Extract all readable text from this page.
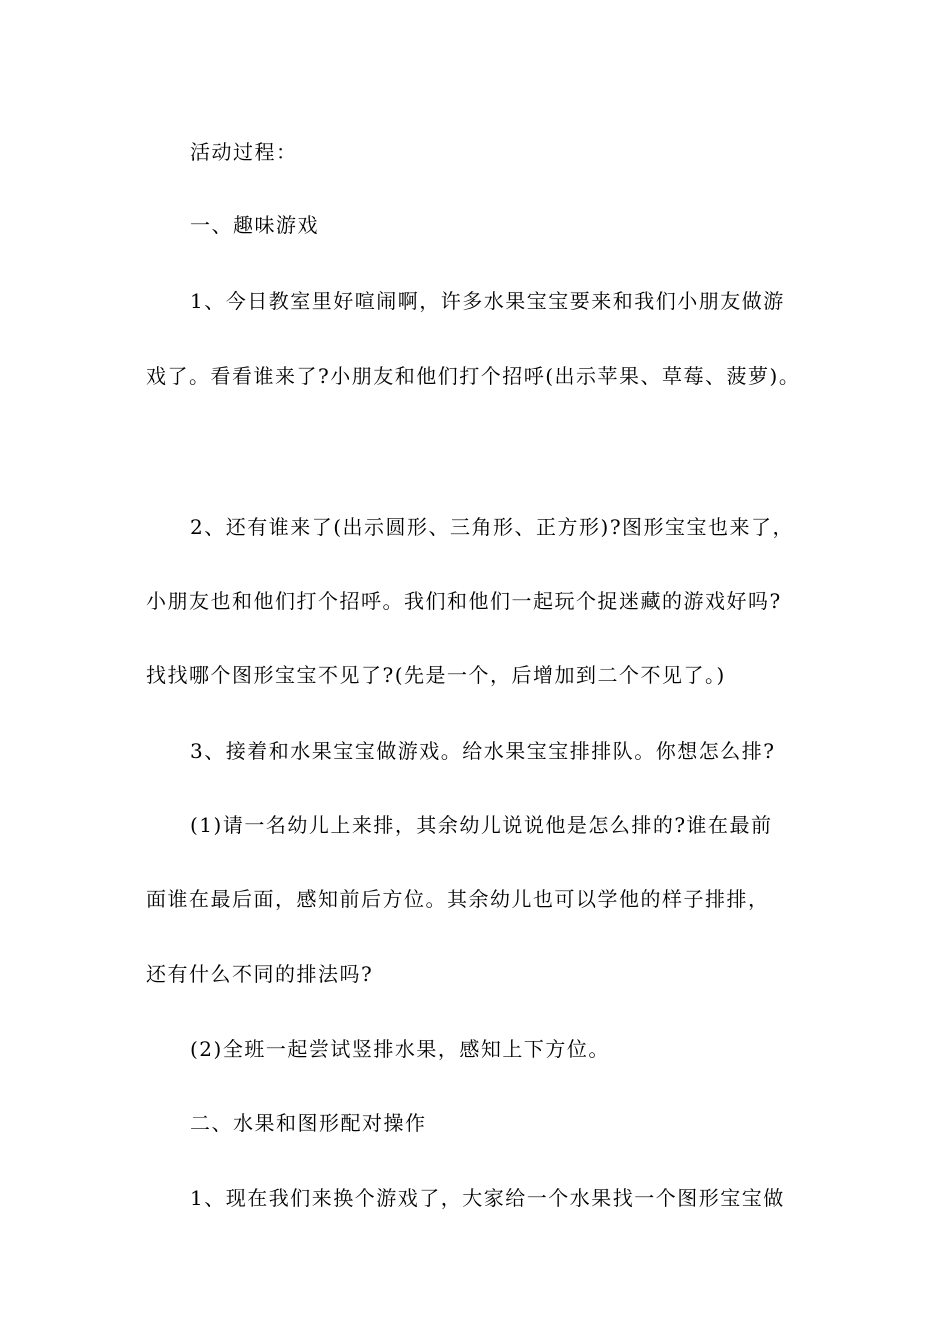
活动过程：
一、趣味游戏
1、今日教室里好喧闹啊，许多水果宝宝要来和我们小朋友做游
戏了。看看谁来了?小朋友和他们打个招呼(出示苹果、草莓、菠萝)。
2、还有谁来了(出示圆形、三角形、正方形)?图形宝宝也来了，
小朋友也和他们打个招呼。我们和他们一起玩个捉迷藏的游戏好吗?
找找哪个图形宝宝不见了?(先是一个，后增加到二个不见了。)
3、接着和水果宝宝做游戏。给水果宝宝排排队。你想怎么排?
(1)请一名幼儿上来排，其余幼儿说说他是怎么排的?谁在最前
面谁在最后面，感知前后方位。其余幼儿也可以学他的样子排排，
还有什么不同的排法吗?
(2)全班一起尝试竖排水果，感知上下方位。
二、水果和图形配对操作
1、现在我们来换个游戏了，大家给一个水果找一个图形宝宝做
